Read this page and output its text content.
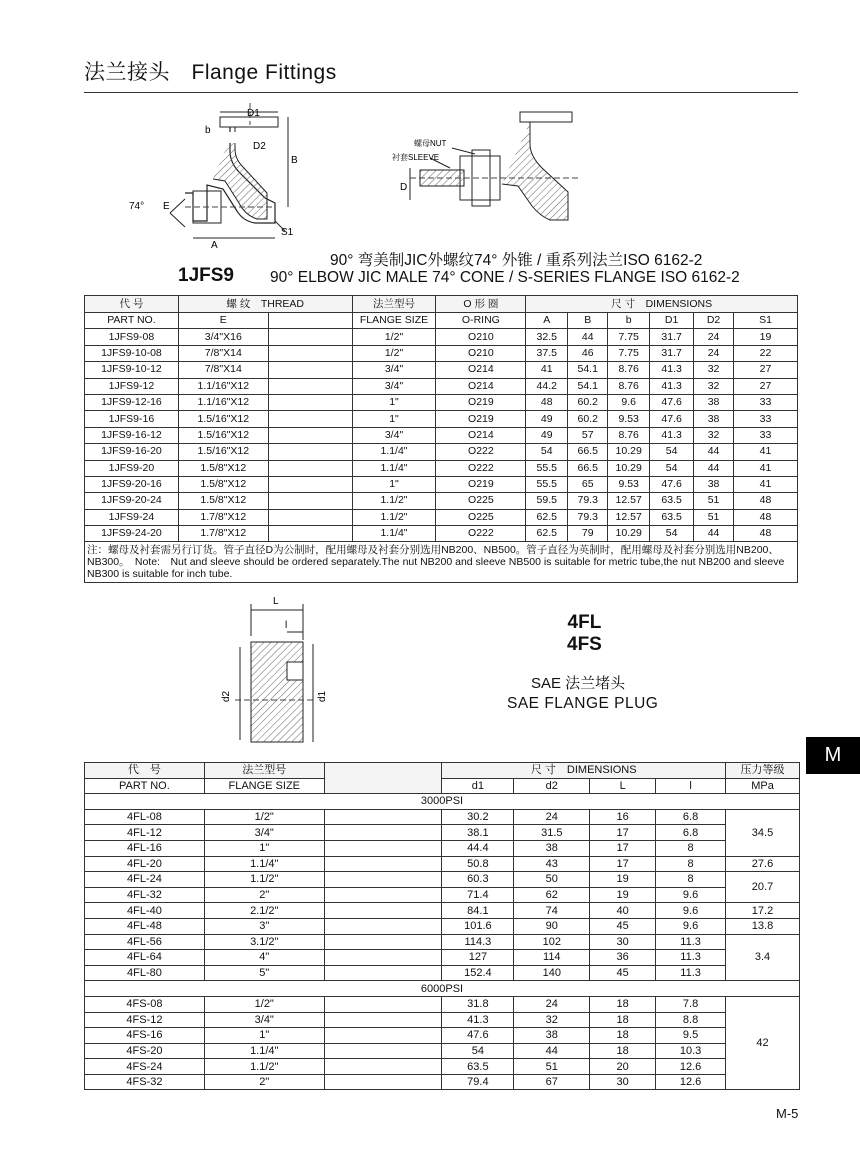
法兰接头　Flange Fittings
D1
D2
b
B
E
A
S1
74°
螺母NUT
衬套SLEEVE
D
90° 弯美制JIC外螺纹74° 外锥 / 重系列法兰ISO 6162-2
1JFS9 90° ELBOW JIC MALE 74° CONE / S-SERIES FLANGE ISO 6162-2
代 号	螺 纹　THREAD		法兰型号	O 形 圈	尺 寸　DIMENSIONS					
PART NO.	E		FLANGE SIZE	O-RING	A	B	b	D1	D2	S1
1JFS9-08	3/4"X16		1/2"	O210	32.5	44	7.75	31.7	24	19
1JFS9-10-08	7/8"X14		1/2"	O210	37.5	46	7.75	31.7	24	22
1JFS9-10-12	7/8"X14		3/4"	O214	41	54.1	8.76	41.3	32	27
1JFS9-12	1.1/16"X12		3/4"	O214	44.2	54.1	8.76	41.3	32	27
1JFS9-12-16	1.1/16"X12		1"	O219	48	60.2	9.6	47.6	38	33
1JFS9-16	1.5/16"X12		1"	O219	49	60.2	9.53	47.6	38	33
1JFS9-16-12	1.5/16"X12		3/4"	O214	49	57	8.76	41.3	32	33
1JFS9-16-20	1.5/16"X12		1.1/4"	O222	54	66.5	10.29	54	44	41
1JFS9-20	1.5/8"X12		1.1/4"	O222	55.5	66.5	10.29	54	44	41
1JFS9-20-16	1.5/8"X12		1"	O219	55.5	65	9.53	47.6	38	41
1JFS9-20-24	1.5/8"X12		1.1/2"	O225	59.5	79.3	12.57	63.5	51	48
1JFS9-24	1.7/8"X12		1.1/2"	O225	62.5	79.3	12.57	63.5	51	48
1JFS9-24-20	1.7/8"X12		1.1/4"	O222	62.5	79	10.29	54	44	48
注：螺母及衬套需另行订货。管子直径D为公制时，配用螺母及衬套分别选用NB200、NB500。管子直径为英制时，配用螺母及衬套分别选用NB200、NB300。　Note:　Nut and sleeve should be ordered separately.The nut NB200 and sleeve NB500 is suitable for metric tube,the nut NB200 and sleeve NB300 is suitable for inch tube.										
L
l
d2	d1
4FL
4FS
SAE 法兰堵头
SAE FLANGE PLUG
M
代　号	法兰型号		尺 寸　DIMENSIONS				压力等级
PART NO.	FLANGE SIZE		d1	d2	L	l	MPa
3000PSI							
4FL-08	1/2"		30.2	24	16	6.8	34.5
4FL-12	3/4"		38.1	31.5	17	6.8	
4FL-16	1"		44.4	38	17	8	
4FL-20	1.1/4"		50.8	43	17	8	27.6
4FL-24	1.1/2"		60.3	50	19	8	20.7
4FL-32	2"		71.4	62	19	9.6	
4FL-40	2.1/2"		84.1	74	40	9.6	17.2
4FL-48	3"		101.6	90	45	9.6	13.8
4FL-56	3.1/2"		114.3	102	30	11.3	3.4
4FL-64	4"		127	114	36	11.3	
4FL-80	5"		152.4	140	45	11.3	
6000PSI							
4FS-08	1/2"		31.8	24	18	7.8	42
4FS-12	3/4"		41.3	32	18	8.8	
4FS-16	1"		47.6	38	18	9.5	
4FS-20	1.1/4"		54	44	18	10.3	
4FS-24	1.1/2"		63.5	51	20	12.6	
4FS-32	2"		79.4	67	30	12.6	
M-5
